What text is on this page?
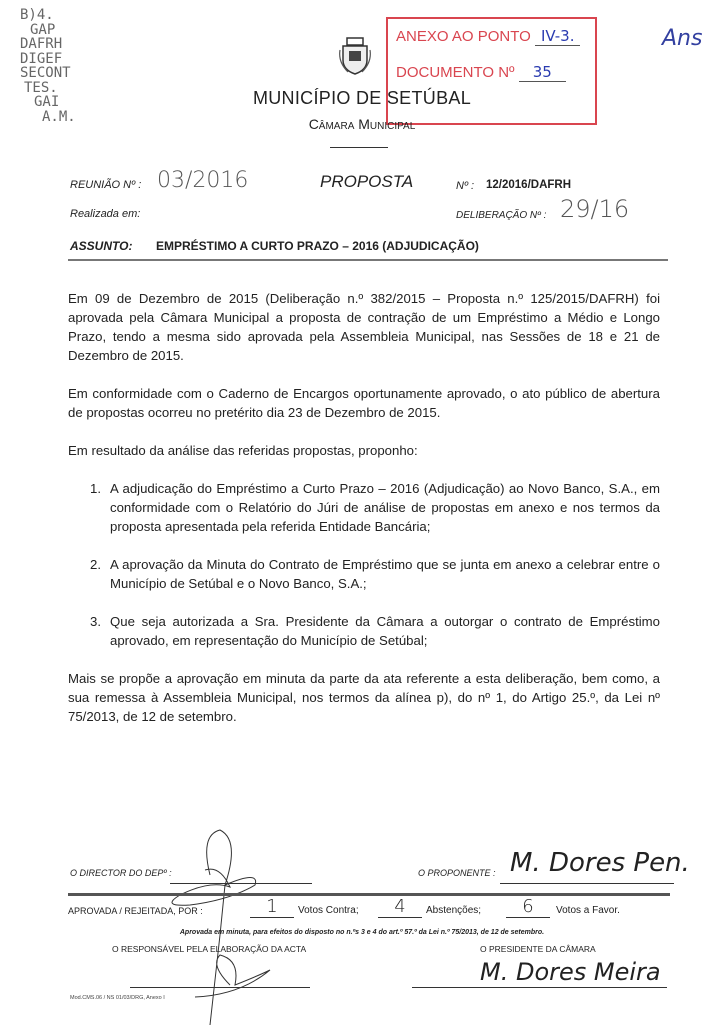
B)4.
GAP
DAFRH
DIGEF
SECONT
TES.
GAI
A.M.
Ans
ANEXO AO PONTO IV-3.
DOCUMENTO Nº 35
MUNICÍPIO DE SETÚBAL
Câmara Municipal
REUNIÃO Nº : 03/2016	PROPOSTA	Nº : 12/2016/DAFRH
Realizada em:	DELIBERAÇÃO Nº : 29/16
ASSUNTO: EMPRÉSTIMO A CURTO PRAZO – 2016 (ADJUDICAÇÃO)

Em 09 de Dezembro de 2015 (Deliberação n.º 382/2015 – Proposta n.º 125/2015/DAFRH) foi aprovada pela Câmara Municipal a proposta de contração de um Empréstimo a Médio e Longo Prazo, tendo a mesma sido aprovada pela Assembleia Municipal, nas Sessões de 18 e 21 de Dezembro de 2015.

Em conformidade com o Caderno de Encargos oportunamente aprovado, o ato público de abertura de propostas ocorreu no pretérito dia 23 de Dezembro de 2015.

Em resultado da análise das referidas propostas, proponho:

1. A adjudicação do Empréstimo a Curto Prazo – 2016 (Adjudicação) ao Novo Banco, S.A., em conformidade com o Relatório do Júri de análise de propostas em anexo e nos termos da proposta apresentada pela referida Entidade Bancária;
2. A aprovação da Minuta do Contrato de Empréstimo que se junta em anexo a celebrar entre o Município de Setúbal e o Novo Banco, S.A.;
3. Que seja autorizada a Sra. Presidente da Câmara a outorgar o contrato de Empréstimo aprovado, em representação do Município de Setúbal;

Mais se propõe a aprovação em minuta da parte da ata referente a esta deliberação, bem como, a sua remessa à Assembleia Municipal, nos termos da alínea p), do nº 1, do Artigo 25.º, da Lei nº 75/2013, de 12 de setembro.

O DIRECTOR DO DEPº :	O PROPONENTE : M. Dores Pen.
APROVADA / REJEITADA, POR :	1	Votos Contra;	4	Abstenções;	6	Votos a Favor.
Aprovada em minuta, para efeitos do disposto no n.ºs 3 e 4 do art.º 57.º da Lei n.º 75/2013, de 12 de setembro.
O RESPONSÁVEL PELA ELABORAÇÃO DA ACTA	O PRESIDENTE DA CÂMARA
M. Dores Meira
Mod.CMS.06 / NS 01/03/DRG, Anexo I
